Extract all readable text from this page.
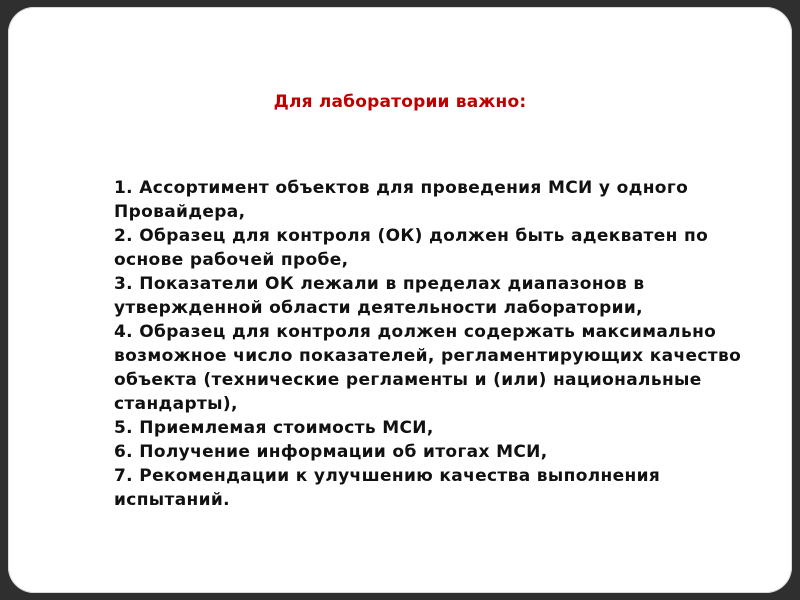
Для лаборатории важно:
1. Ассортимент объектов для проведения МСИ у одного Провайдера,
2. Образец для контроля (ОК) должен быть адекватен по основе рабочей пробе,
3. Показатели ОК лежали в пределах диапазонов в утвержденной области деятельности лаборатории,
4. Образец для контроля должен содержать максимально возможное число показателей, регламентирующих качество объекта (технические регламенты и (или) национальные стандарты),
5. Приемлемая стоимость МСИ,
6. Получение информации об итогах МСИ,
7. Рекомендации к улучшению качества выполнения испытаний.
